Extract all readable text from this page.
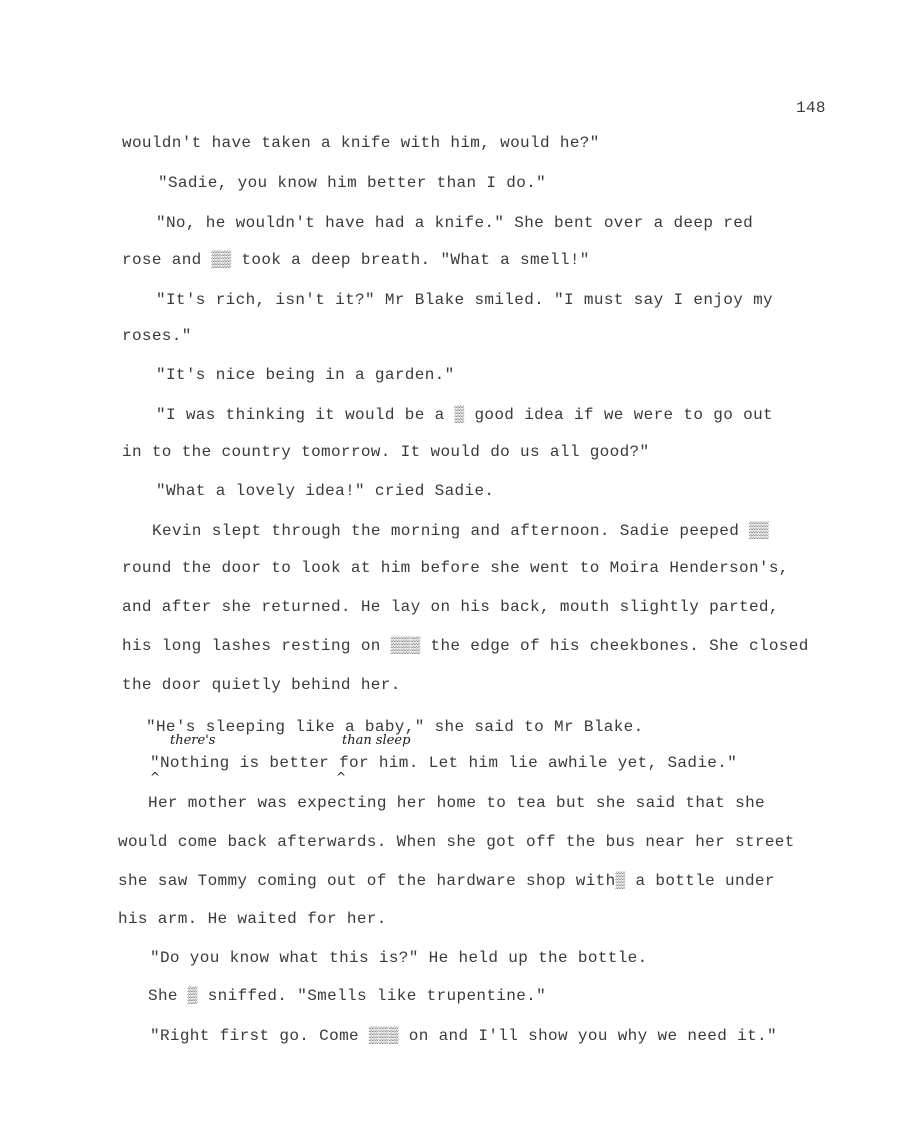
148
wouldn't have taken a knife with him, would he?"
"Sadie, you know him better than I do."
"No, he wouldn't have had a knife." She bent over a deep red
rose and ▒▒ took a deep breath. "What a smell!"
"It's rich, isn't it?" Mr Blake smiled. "I must say I enjoy my
roses."
"It's nice being in a garden."
"I was thinking it would be a ▒ good idea if we were to go out
in to the country tomorrow. It would do us all good?"
"What a lovely idea!" cried Sadie.
Kevin slept through the morning and afternoon. Sadie peeped ▒▒
round the door to look at him before she went to Moira Henderson's,
and after she returned. He lay on his back, mouth slightly parted,
his long lashes resting on ▒▒▒ the edge of his cheekbones. She closed
the door quietly behind her.
"He's sleeping like a baby," she said to Mr Blake.
there's	than sleep
"Nothing is better for him. Let him lie awhile yet, Sadie."
^	^
Her mother was expecting her home to tea but she said that she
would come back afterwards. When she got off the bus near her street
she saw Tommy coming out of the hardware shop with▒ a bottle under
his arm. He waited for her.
"Do you know what this is?" He held up the bottle.
She ▒ sniffed. "Smells like trupentine."
"Right first go. Come ▒▒▒ on and I'll show you why we need it."
